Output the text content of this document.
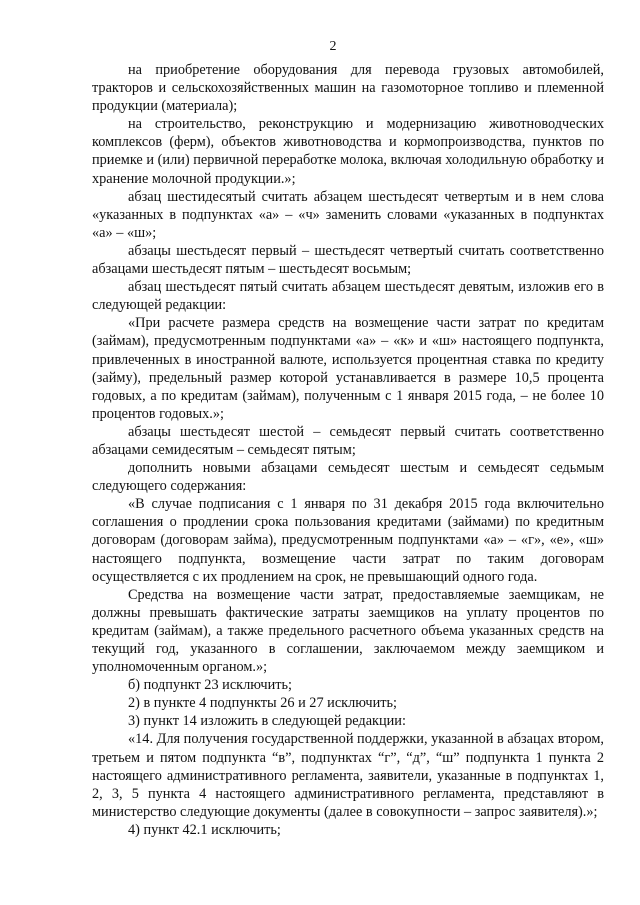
2

на приобретение оборудования для перевода грузовых автомобилей, тракторов и сельскохозяйственных машин на газомоторное топливо и племенной продукции (материала);

на строительство, реконструкцию и модернизацию животноводческих комплексов (ферм), объектов животноводства и кормопроизводства, пунктов по приемке и (или) первичной переработке молока, включая холодильную обработку и хранение молочной продукции.»;

абзац шестидесятый считать абзацем шестьдесят четвертым и в нем слова «указанных в подпунктах «а» – «ч» заменить словами «указанных в подпунктах «а» – «ш»;

абзацы шестьдесят первый – шестьдесят четвертый считать соответственно абзацами шестьдесят пятым – шестьдесят восьмым;

абзац шестьдесят пятый считать абзацем шестьдесят девятым, изложив его в следующей редакции:

«При расчете размера средств на возмещение части затрат по кредитам (займам), предусмотренным подпунктами «а» – «к» и «ш» настоящего подпункта, привлеченных в иностранной валюте, используется процентная ставка по кредиту (займу), предельный размер которой устанавливается в размере 10,5 процента годовых, а по кредитам (займам), полученным с 1 января 2015 года, – не более 10 процентов годовых.»;

абзацы шестьдесят шестой – семьдесят первый считать соответственно абзацами семидесятым – семьдесят пятым;

дополнить новыми абзацами семьдесят шестым и семьдесят седьмым следующего содержания:

«В случае подписания с 1 января по 31 декабря 2015 года включительно соглашения о продлении срока пользования кредитами (займами) по кредитным договорам (договорам займа), предусмотренным подпунктами «а» – «г», «е», «ш» настоящего подпункта, возмещение части затрат по таким договорам осуществляется с их продлением на срок, не превышающий одного года.

Средства на возмещение части затрат, предоставляемые заемщикам, не должны превышать фактические затраты заемщиков на уплату процентов по кредитам (займам), а также предельного расчетного объема указанных средств на текущий год, указанного в соглашении, заключаемом между заемщиком и уполномоченным органом.»;

б) подпункт 23 исключить;

2) в пункте 4 подпункты 26 и 27 исключить;

3) пункт 14 изложить в следующей редакции:

«14. Для получения государственной поддержки, указанной в абзацах втором, третьем и пятом подпункта “в”, подпунктах “г”, “д”, “ш” подпункта 1 пункта 2 настоящего административного регламента, заявители, указанные в подпунктах 1, 2, 3, 5 пункта 4 настоящего административного регламента, представляют в министерство следующие документы (далее в совокупности – запрос заявителя).»;

4) пункт 42.1 исключить;
